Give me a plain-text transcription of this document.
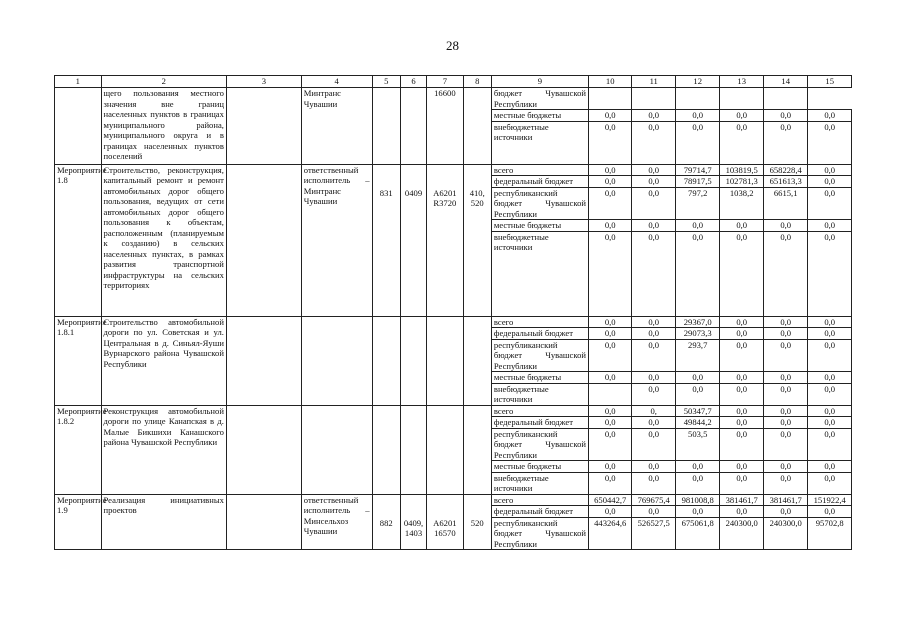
28
1	2	3	4	5	6	7	8	9	10	11	12	13	14	15
	щего пользования местного значения вне границ населенных пунктов в границах муниципального района, муниципального округа и в границах населенных пунктов поселений		Минтранс Чувашии			16600		бюджет Чувашской Республики						
								местные бюджеты	0,0	0,0	0,0	0,0	0,0	0,0
								внебюджетные источники	0,0	0,0	0,0	0,0	0,0	0,0
Мероприятие 1.8	Строительство, реконструкция, капитальный ремонт и ремонт автомобильных дорог общего пользования, ведущих от сети автомобильных дорог общего пользования к объектам, расположенным (планируемым к созданию) в сельских населенных пунктах, в рамках развития транспортной инфраструктуры на сельских территориях		ответственный исполнитель – Минтранс Чувашии	831	0409	A6201 R3720	410, 520	всего	0,0	0,0	79714,7	103819,5	658228,4	0,0
								федеральный бюджет	0,0	0,0	78917,5	102781,3	651613,3	0,0
								республиканский бюджет Чувашской Республики	0,0	0,0	797,2	1038,2	6615,1	0,0
								местные бюджеты	0,0	0,0	0,0	0,0	0,0	0,0
								внебюджетные источники	0,0	0,0	0,0	0,0	0,0	0,0
Мероприятие 1.8.1	Строительство автомобильной дороги по ул. Советская и ул. Центральная в д. Синьял-Яуши Вурнарского района Чувашской Республики							всего	0,0	0,0	29367,0	0,0	0,0	0,0
								федеральный бюджет	0,0	0,0	29073,3	0,0	0,0	0,0
								республиканский бюджет Чувашской Республики	0,0	0,0	293,7	0,0	0,0	0,0
								местные бюджеты	0,0	0,0	0,0	0,0	0,0	0,0
								внебюджетные источники		0,0	0,0	0,0	0,0	0,0
Мероприятие 1.8.2	Реконструкция автомобильной дороги по улице Канапская в д. Малые Бикшихи Канашского района Чувашской Республики							всего	0,0	0,	50347,7	0,0	0,0	0,0
								федеральный бюджет	0,0	0,0	49844,2	0,0	0,0	0,0
								республиканский бюджет Чувашской Республики	0,0	0,0	503,5	0,0	0,0	0,0
								местные бюджеты	0,0	0,0	0,0	0,0	0,0	0,0
								внебюджетные источники	0,0	0,0	0,0	0,0	0,0	0,0
Мероприятие 1.9	Реализация инициативных проектов		ответственный исполнитель – Минсельхоз Чувашии	882	0409, 1403	A6201 16570	520	всего	650442,7	769675,4	981008,8	381461,7	381461,7	151922,4
								федеральный бюджет	0,0	0,0	0,0	0,0	0,0	0,0
								республиканский бюджет Чувашской Республики	443264,6	526527,5	675061,8	240300,0	240300,0	95702,8
